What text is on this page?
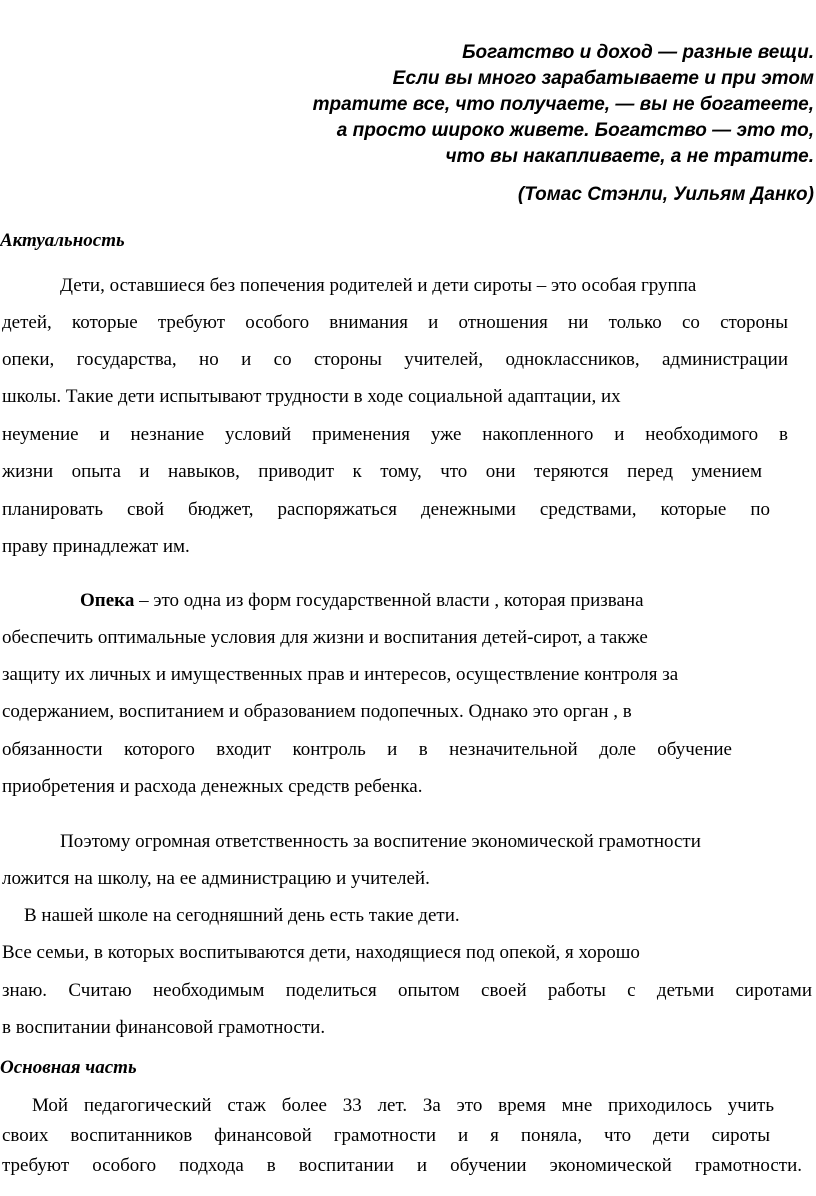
Богатство и доход — разные вещи.
Если вы много зарабатываете и при этом
тратите все, что получаете, — вы не богатеете,
а просто широко живете. Богатство — это то,
что вы накапливаете, а не тратите.
(Томас Стэнли, Уильям Данко)
Актуальность
Дети, оставшиеся без попечения родителей и дети сироты – это особая группа
детей, которые требуют особого внимания и отношения ни только со стороны
опеки, государства, но и со стороны учителей, одноклассников, администрации
школы. Такие дети испытывают трудности в ходе социальной адаптации, их
неумение и незнание условий применения уже накопленного и необходимого в
жизни опыта и навыков, приводит к тому, что они теряются перед умением
планировать свой бюджет, распоряжаться денежными средствами, которые по
праву принадлежат им.
Опека – это одна из форм государственной власти , которая призвана
обеспечить оптимальные условия для жизни и воспитания детей-сирот, а также
защиту их личных и имущественных прав и интересов, осуществление контроля за
содержанием, воспитанием и образованием подопечных. Однако это орган , в
обязанности которого входит контроль и в незначительной доле обучение
приобретения и расхода денежных средств ребенка.
Поэтому огромная ответственность за воспитение экономической грамотности
ложится на школу, на ее администрацию и учителей.
В нашей школе на сегодняшний день есть такие дети.
Все семьи, в которых воспитываются дети, находящиеся под опекой, я хорошо
знаю. Считаю необходимым поделиться опытом своей работы с детьми сиротами
в воспитании финансовой грамотности.
Основная часть
Мой педагогический стаж более 33 лет. За это время мне приходилось учить
своих воспитанников финансовой грамотности и я поняла, что дети сироты
требуют особого подхода в воспитании и обучении экономической грамотности.
